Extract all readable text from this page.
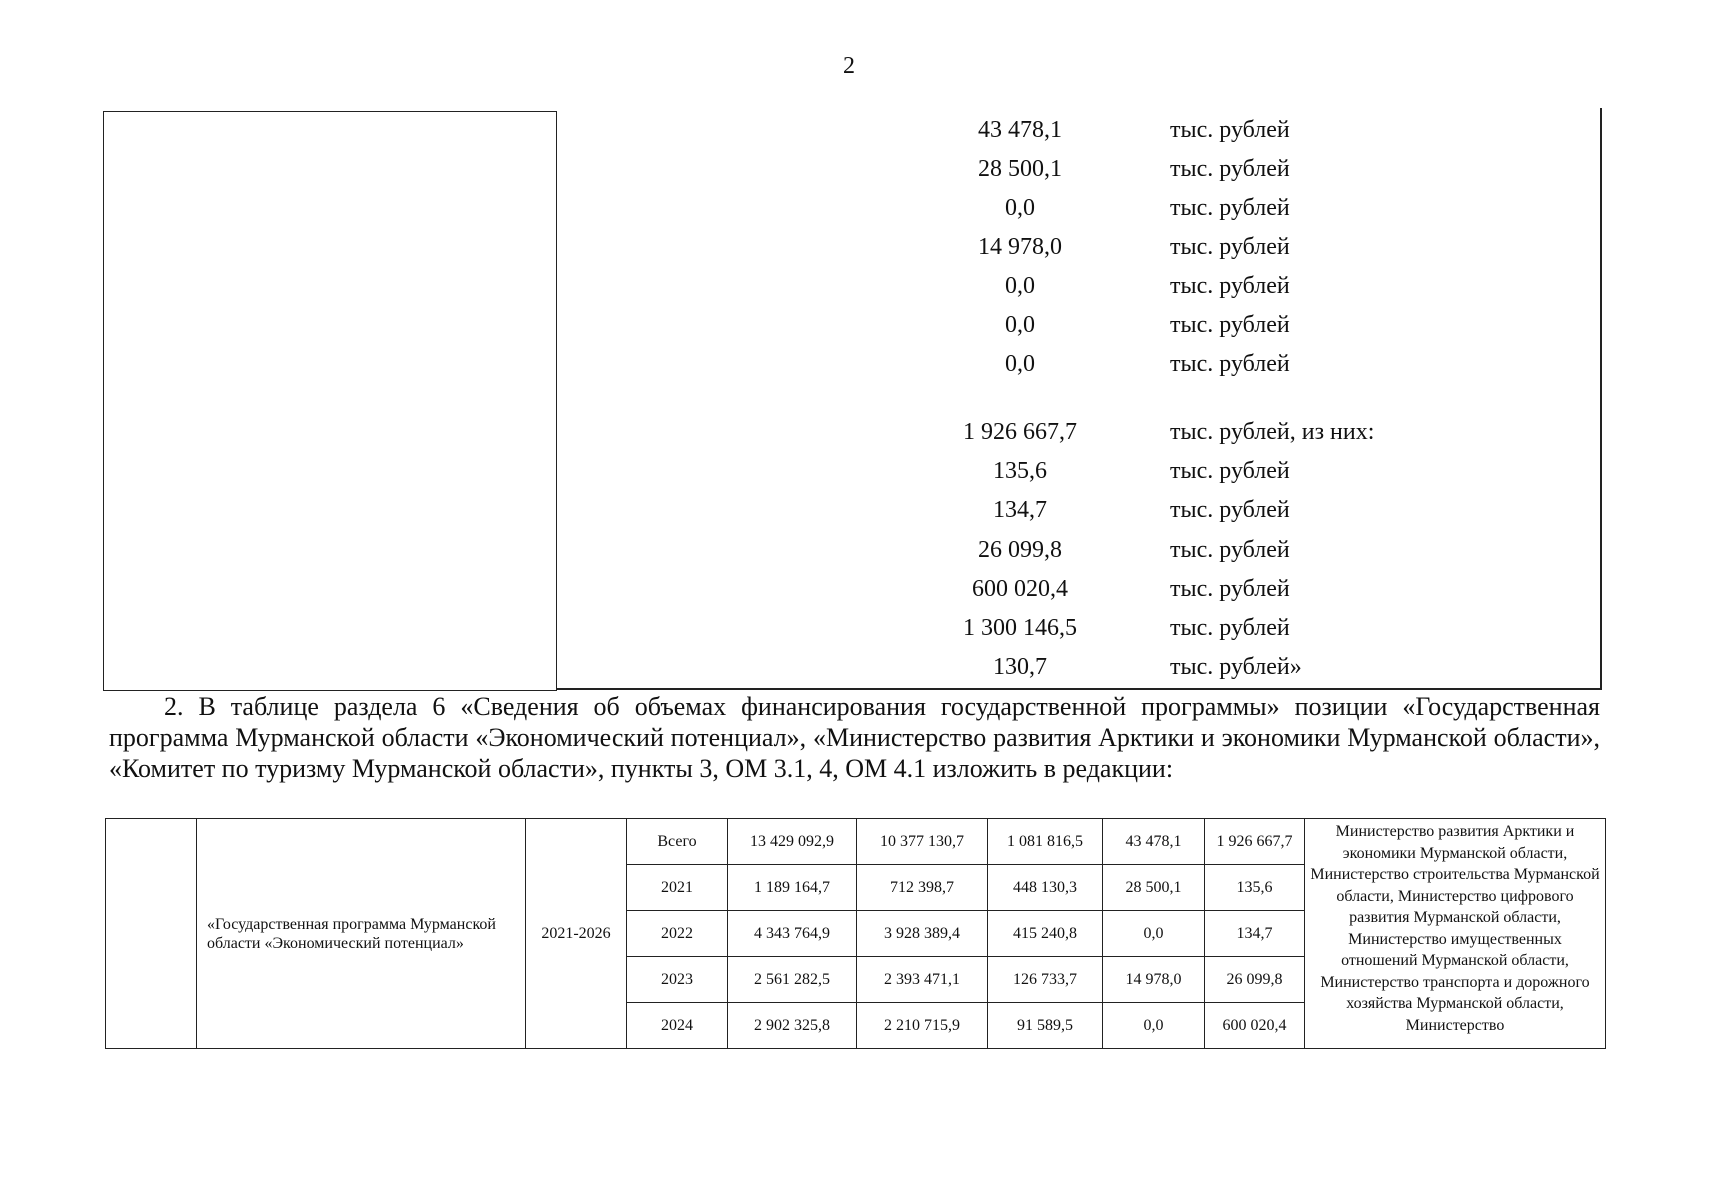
2
43 478,1	тыс. рублей
28 500,1	тыс. рублей
0,0	тыс. рублей
14 978,0	тыс. рублей
0,0	тыс. рублей
0,0	тыс. рублей
0,0	тыс. рублей
1 926 667,7	тыс. рублей, из них:
135,6	тыс. рублей
134,7	тыс. рублей
26 099,8	тыс. рублей
600 020,4	тыс. рублей
1 300 146,5	тыс. рублей
130,7	тыс. рублей»

2. В таблице раздела 6 «Сведения об объемах финансирования государственной программы» позиции «Государственная программа Мурманской области «Экономический потенциал», «Министерство развития Арктики и экономики Мурманской области», «Комитет по туризму Мурманской области», пункты 3, ОМ 3.1, 4, ОМ 4.1 изложить в редакции:

	«Государственная программа Мурманской области «Экономический потенциал»	2021-2026	Всего	13 429 092,9	10 377 130,7	1 081 816,5	43 478,1	1 926 667,7	Министерство развития Арктики и экономики Мурманской области, Министерство строительства Мурманской области, Министерство цифрового развития Мурманской области, Министерство имущественных отношений Мурманской области, Министерство транспорта и дорожного хозяйства Мурманской области, Министерство
			2021	1 189 164,7	712 398,7	448 130,3	28 500,1	135,6	
			2022	4 343 764,9	3 928 389,4	415 240,8	0,0	134,7	
			2023	2 561 282,5	2 393 471,1	126 733,7	14 978,0	26 099,8	
			2024	2 902 325,8	2 210 715,9	91 589,5	0,0	600 020,4	
